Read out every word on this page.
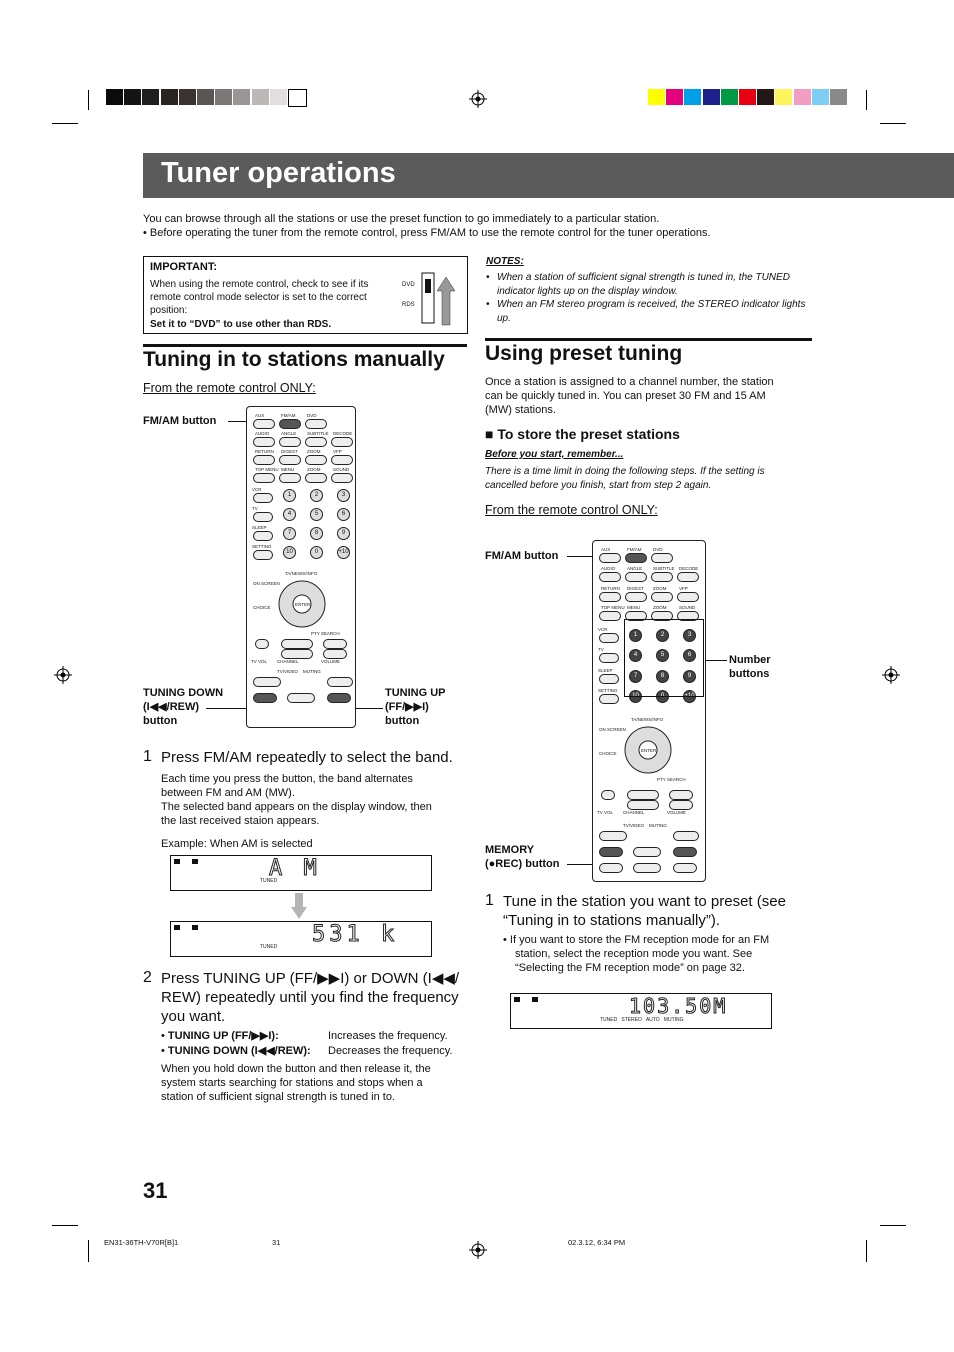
Tuner operations
You can browse through all the stations or use the preset function to go immediately to a particular station.
• Before operating the tuner from the remote control, press FM/AM to use the remote control for the tuner operations.
IMPORTANT:
When using the remote control, check to see if its remote control mode selector is set to the correct position:
Set it to “DVD” to use other than RDS.
DVD
RDS
NOTES:
• When a station of sufficient signal strength is tuned in, the TUNED indicator lights up on the display window.
• When an FM stereo program is received, the STEREO indicator lights up.
Tuning in to stations manually
From the remote control ONLY:
FM/AM button
TUNING DOWN
(I◀◀/REW)
button
TUNING UP
(FF/▶▶I)
button
AUX	FM/AM	DVD
AUDIO	ANGLE SUBTITLE DECODE
RETURN DIGEST ZOOM	VFP
TOP MENU MENU	ZOOM	SOUND
1	2	3
4	5	6
7	8	9
10	0	+10
VCR
TV
SLEEP
SETTING
TA/NEWS/INFO
ENTER
ON SCREEN
CHOICE
PTY SEARCH
TV VOL CHANNEL	VOLUME
TV/VIDEO MUTING
1 Press FM/AM repeatedly to select the band.
Each time you press the button, the band alternates
between FM and AM (MW).
The selected band appears on the display window, then
the last received staion appears.
Example: When AM is selected
A M
TUNED
531 k
TUNED
2 Press TUNING UP (FF/▶▶I) or DOWN (I◀◀/
REW) repeatedly until you find the frequency
you want.
• TUNING UP (FF/▶▶I):	Increases the frequency.
• TUNING DOWN (I◀◀/REW): Decreases the frequency.
When you hold down the button and then release it, the
system starts searching for stations and stops when a
station of sufficient signal strength is tuned in to.
Using preset tuning
Once a station is assigned to a channel number, the station
can be quickly tuned in. You can preset 30 FM and 15 AM
(MW) stations.
■ To store the preset stations
Before you start, remember...
There is a time limit in doing the following steps. If the setting is
cancelled before you finish, start from step 2 again.
From the remote control ONLY:
FM/AM button
Number
buttons
MEMORY
(●REC) button
AUX	FM/AM	DVD
AUDIO	ANGLE SUBTITLE DECODE
RETURN DIGEST ZOOM	VFP
TOP MENU MENU	ZOOM	SOUND
1	2	3
4	5	6
7	8	9
10	0	+10
VCR
TV
SLEEP
SETTING
TA/NEWS/INFO
ENTER
ON SCREEN
CHOICE
PTY SEARCH
TV VOL CHANNEL	VOLUME
TV/VIDEO MUTING
1 Tune in the station you want to preset (see
“Tuning in to stations manually”).
• If you want to store the FM reception mode for an FM
station, select the reception mode you want. See
“Selecting the FM reception mode” on page 32.
103.50M
TUNED   STEREO   AUTO   MUTING
31
EN31-36TH-V70R[B]1	31	02.3.12, 6:34 PM
